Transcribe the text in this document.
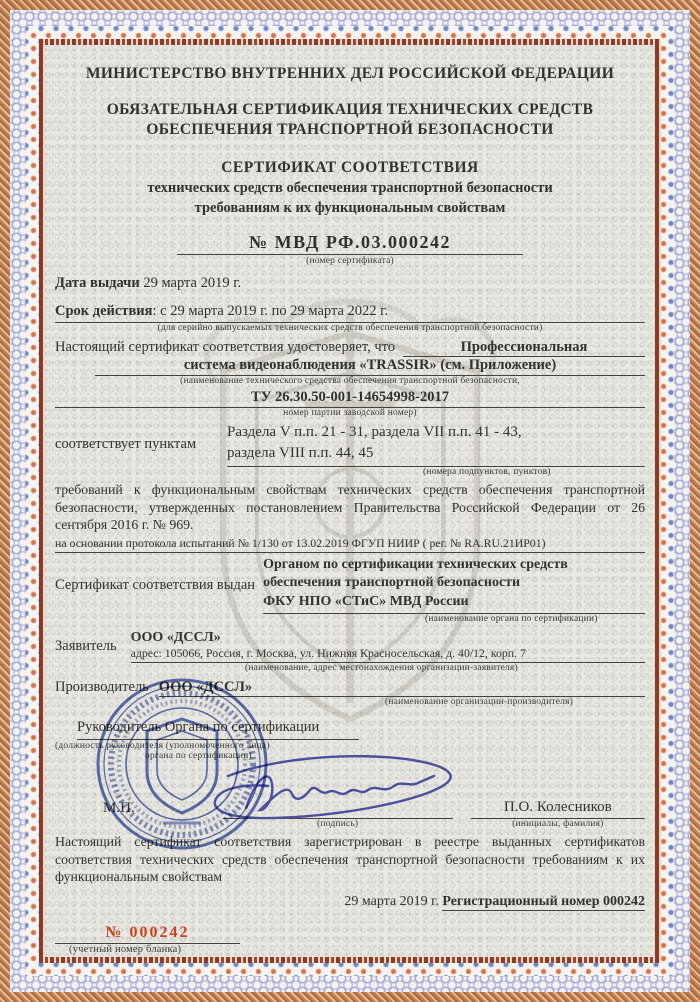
МИНИСТЕРСТВО ВНУТРЕННИХ ДЕЛ РОССИЙСКОЙ ФЕДЕРАЦИИ
ОБЯЗАТЕЛЬНАЯ СЕРТИФИКАЦИЯ ТЕХНИЧЕСКИХ СРЕДСТВ
ОБЕСПЕЧЕНИЯ ТРАНСПОРТНОЙ БЕЗОПАСНОСТИ
СЕРТИФИКАТ СООТВЕТСТВИЯ
технических средств обеспечения транспортной безопасности
требованиям к их функциональным свойствам
№ МВД РФ.03.000242
(номер сертификата)
Дата выдачи 29 марта 2019 г.
Срок действия: с 29 марта 2019 г. по 29 марта 2022 г.
(для серийно выпускаемых технических средств обеспечения транспортной безопасности)
Настоящий сертификат соответствия удостоверяет, что	Профессиональная
система видеонаблюдения «TRASSIR» (см. Приложение)
(наименование технического средства обеспечения транспортной безопасности,
ТУ 26.30.50-001-14654998-2017
номер партии заводской номер)
соответствует пунктам
Раздела V п.п. 21 - 31, раздела VII п.п. 41 - 43,
раздела VIII п.п. 44, 45
(номера подпунктов, пунктов)
требований к функциональным свойствам технических средств обеспечения транспортной безопасности, утвержденных постановлением Правительства Российской Федерации от 26 сентября 2016 г. № 969.
на основании протокола испытаний № 1/130 от 13.02.2019 ФГУП НИИР ( рег. № RA.RU.21ИР01)
Сертификат соответствия выдан
Органом по сертификации технических средств
обеспечения транспортной безопасности
ФКУ НПО «СТиС» МВД России
(наименование органа по сертификации)
Заявитель
ООО «ДССЛ»
адрес: 105066, Россия, г. Москва, ул. Нижняя Красносельская, д. 40/12, корп. 7
(наименование, адрес местонахождения организации-заявителя)
Производитель ООО «ДССЛ»
(наименование организации-производителя)
Руководитель Органа по сертификации
(должность руководителя (уполномоченного лица)
органа по сертификации)
М.П.
(подпись)
П.О. Колесников
(инициалы, фамилия)
Настоящий сертификат соответствия зарегистрирован в реестре выданных сертификатов соответствия технических средств обеспечения транспортной безопасности требованиям к их функциональным свойствам
29 марта 2019 г. Регистрационный номер 000242
№ 000242
(учетный номер бланка)
